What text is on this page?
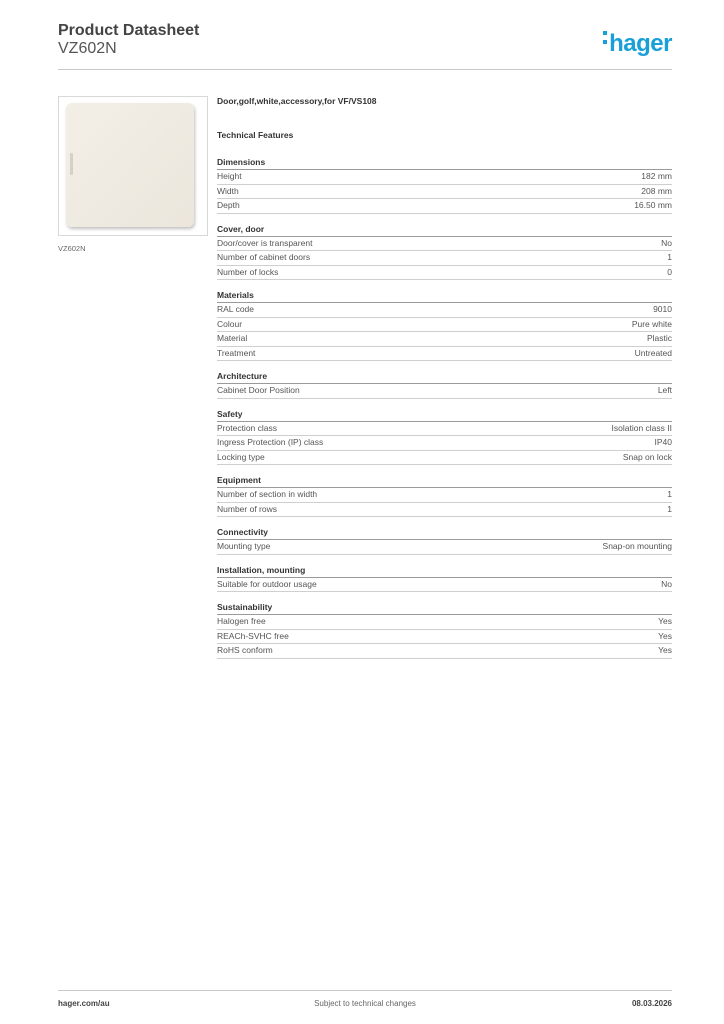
Product Datasheet
VZ602N	hager
VZ602N
Door,golf,white,accessory,for VF/VS108
Technical Features
Dimensions
Height	182 mm
Width	208 mm
Depth	16.50 mm
Cover, door
Door/cover is transparent	No
Number of cabinet doors	1
Number of locks	0
Materials
RAL code	9010
Colour	Pure white
Material	Plastic
Treatment	Untreated
Architecture
Cabinet Door Position	Left
Safety
Protection class	Isolation class II
Ingress Protection (IP) class	IP40
Locking type	Snap on lock
Equipment
Number of section in width	1
Number of rows	1
Connectivity
Mounting type	Snap-on mounting
Installation, mounting
Suitable for outdoor usage	No
Sustainability
Halogen free	Yes
REACh-SVHC free	Yes
RoHS conform	Yes
hager.com/au	Subject to technical changes	08.03.2026
